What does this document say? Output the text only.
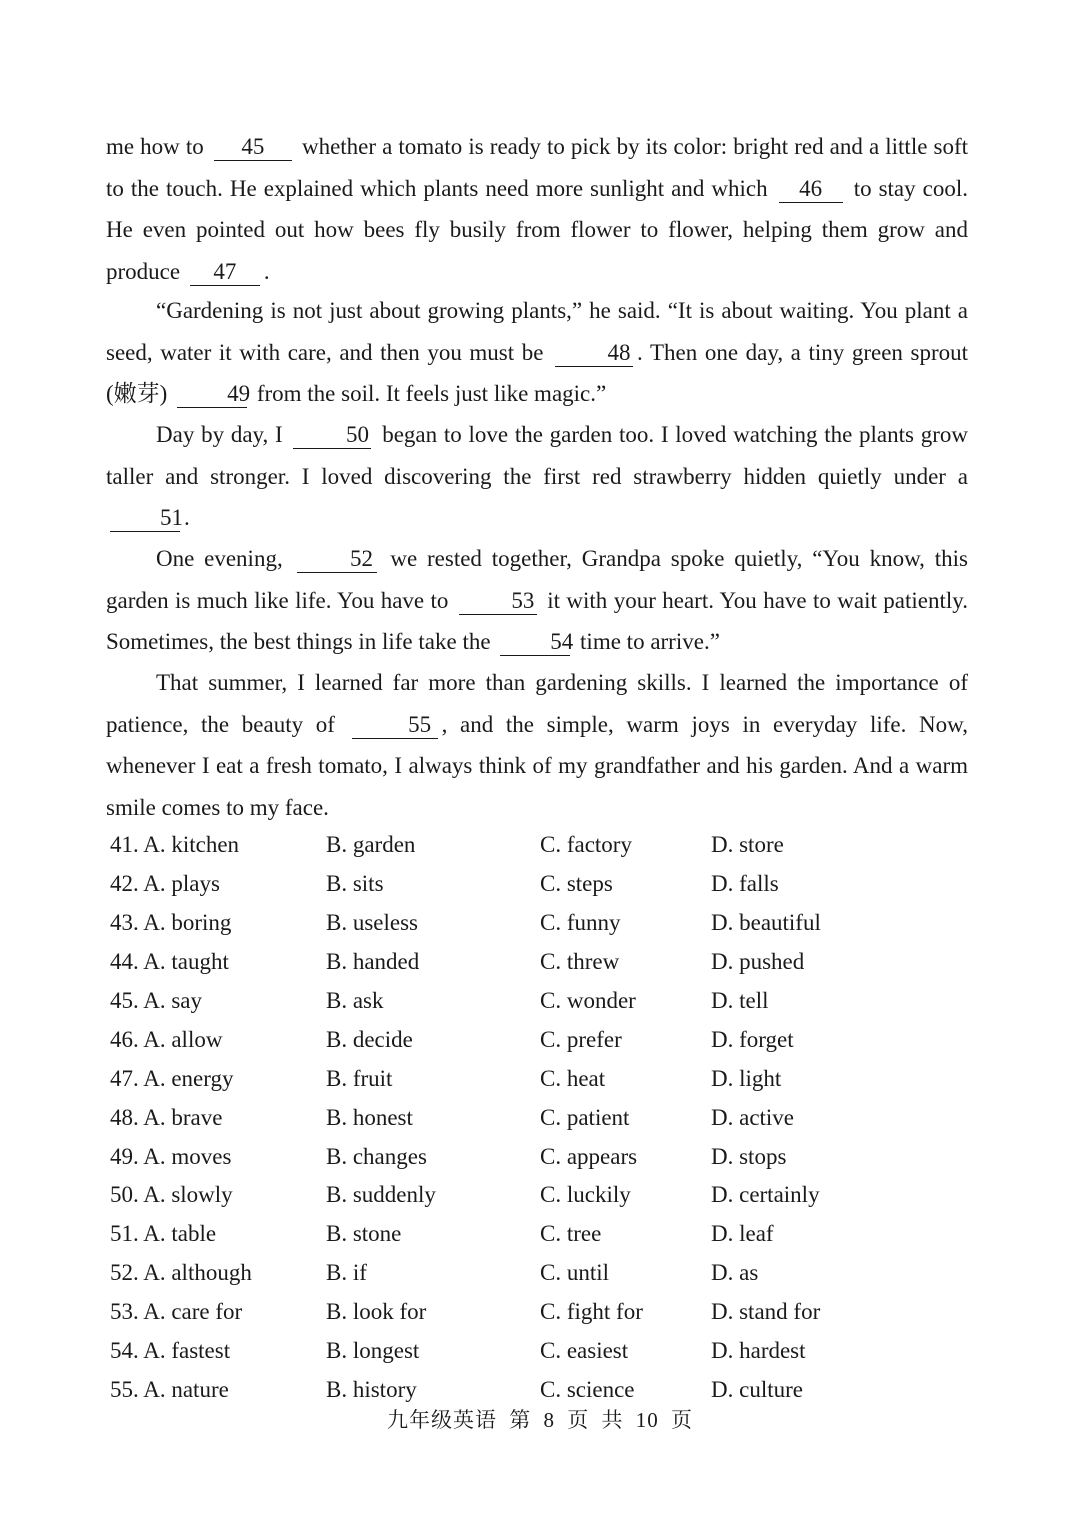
me how to 45 whether a tomato is ready to pick by its color: bright red and a little soft to the touch. He explained which plants need more sunlight and which 46 to stay cool. He even pointed out how bees fly busily from flower to flower, helping them grow and produce 47 .

“Gardening is not just about growing plants,” he said. “It is about waiting. You plant a seed, water it with care, and then you must be	48 . Then one day, a tiny green sprout (嫩芽)	49 from the soil. It feels just like magic.”

Day by day, I	50 began to love the garden too. I loved watching the plants grow taller and stronger. I loved discovering the first red strawberry hidden quietly under a 51.

One evening,	52 we rested together, Grandpa spoke quietly, “You know, this garden is much like life. You have to	53 it with your heart. You have to wait patiently. Sometimes, the best things in life take the	54 time to arrive.”

That summer, I learned far more than gardening skills. I learned the importance of patience, the beauty of	55 , and the simple, warm joys in everyday life. Now, whenever I eat a fresh tomato, I always think of my grandfather and his garden. And a warm smile comes to my face.

41. A. kitchen	B. garden	C. factory	D. store
42. A. plays	B. sits	C. steps	D. falls
43. A. boring	B. useless	C. funny	D. beautiful
44. A. taught	B. handed	C. threw	D. pushed
45. A. say	B. ask	C. wonder	D. tell
46. A. allow	B. decide	C. prefer	D. forget
47. A. energy	B. fruit	C. heat	D. light
48. A. brave	B. honest	C. patient	D. active
49. A. moves	B. changes	C. appears	D. stops
50. A. slowly	B. suddenly	C. luckily	D. certainly
51. A. table	B. stone	C. tree	D. leaf
52. A. although	B. if	C. until	D. as
53. A. care for	B. look for	C. fight for	D. stand for
54. A. fastest	B. longest	C. easiest	D. hardest
55. A. nature	B. history	C. science	D. culture
九年级英语 第 8 页 共 10 页
